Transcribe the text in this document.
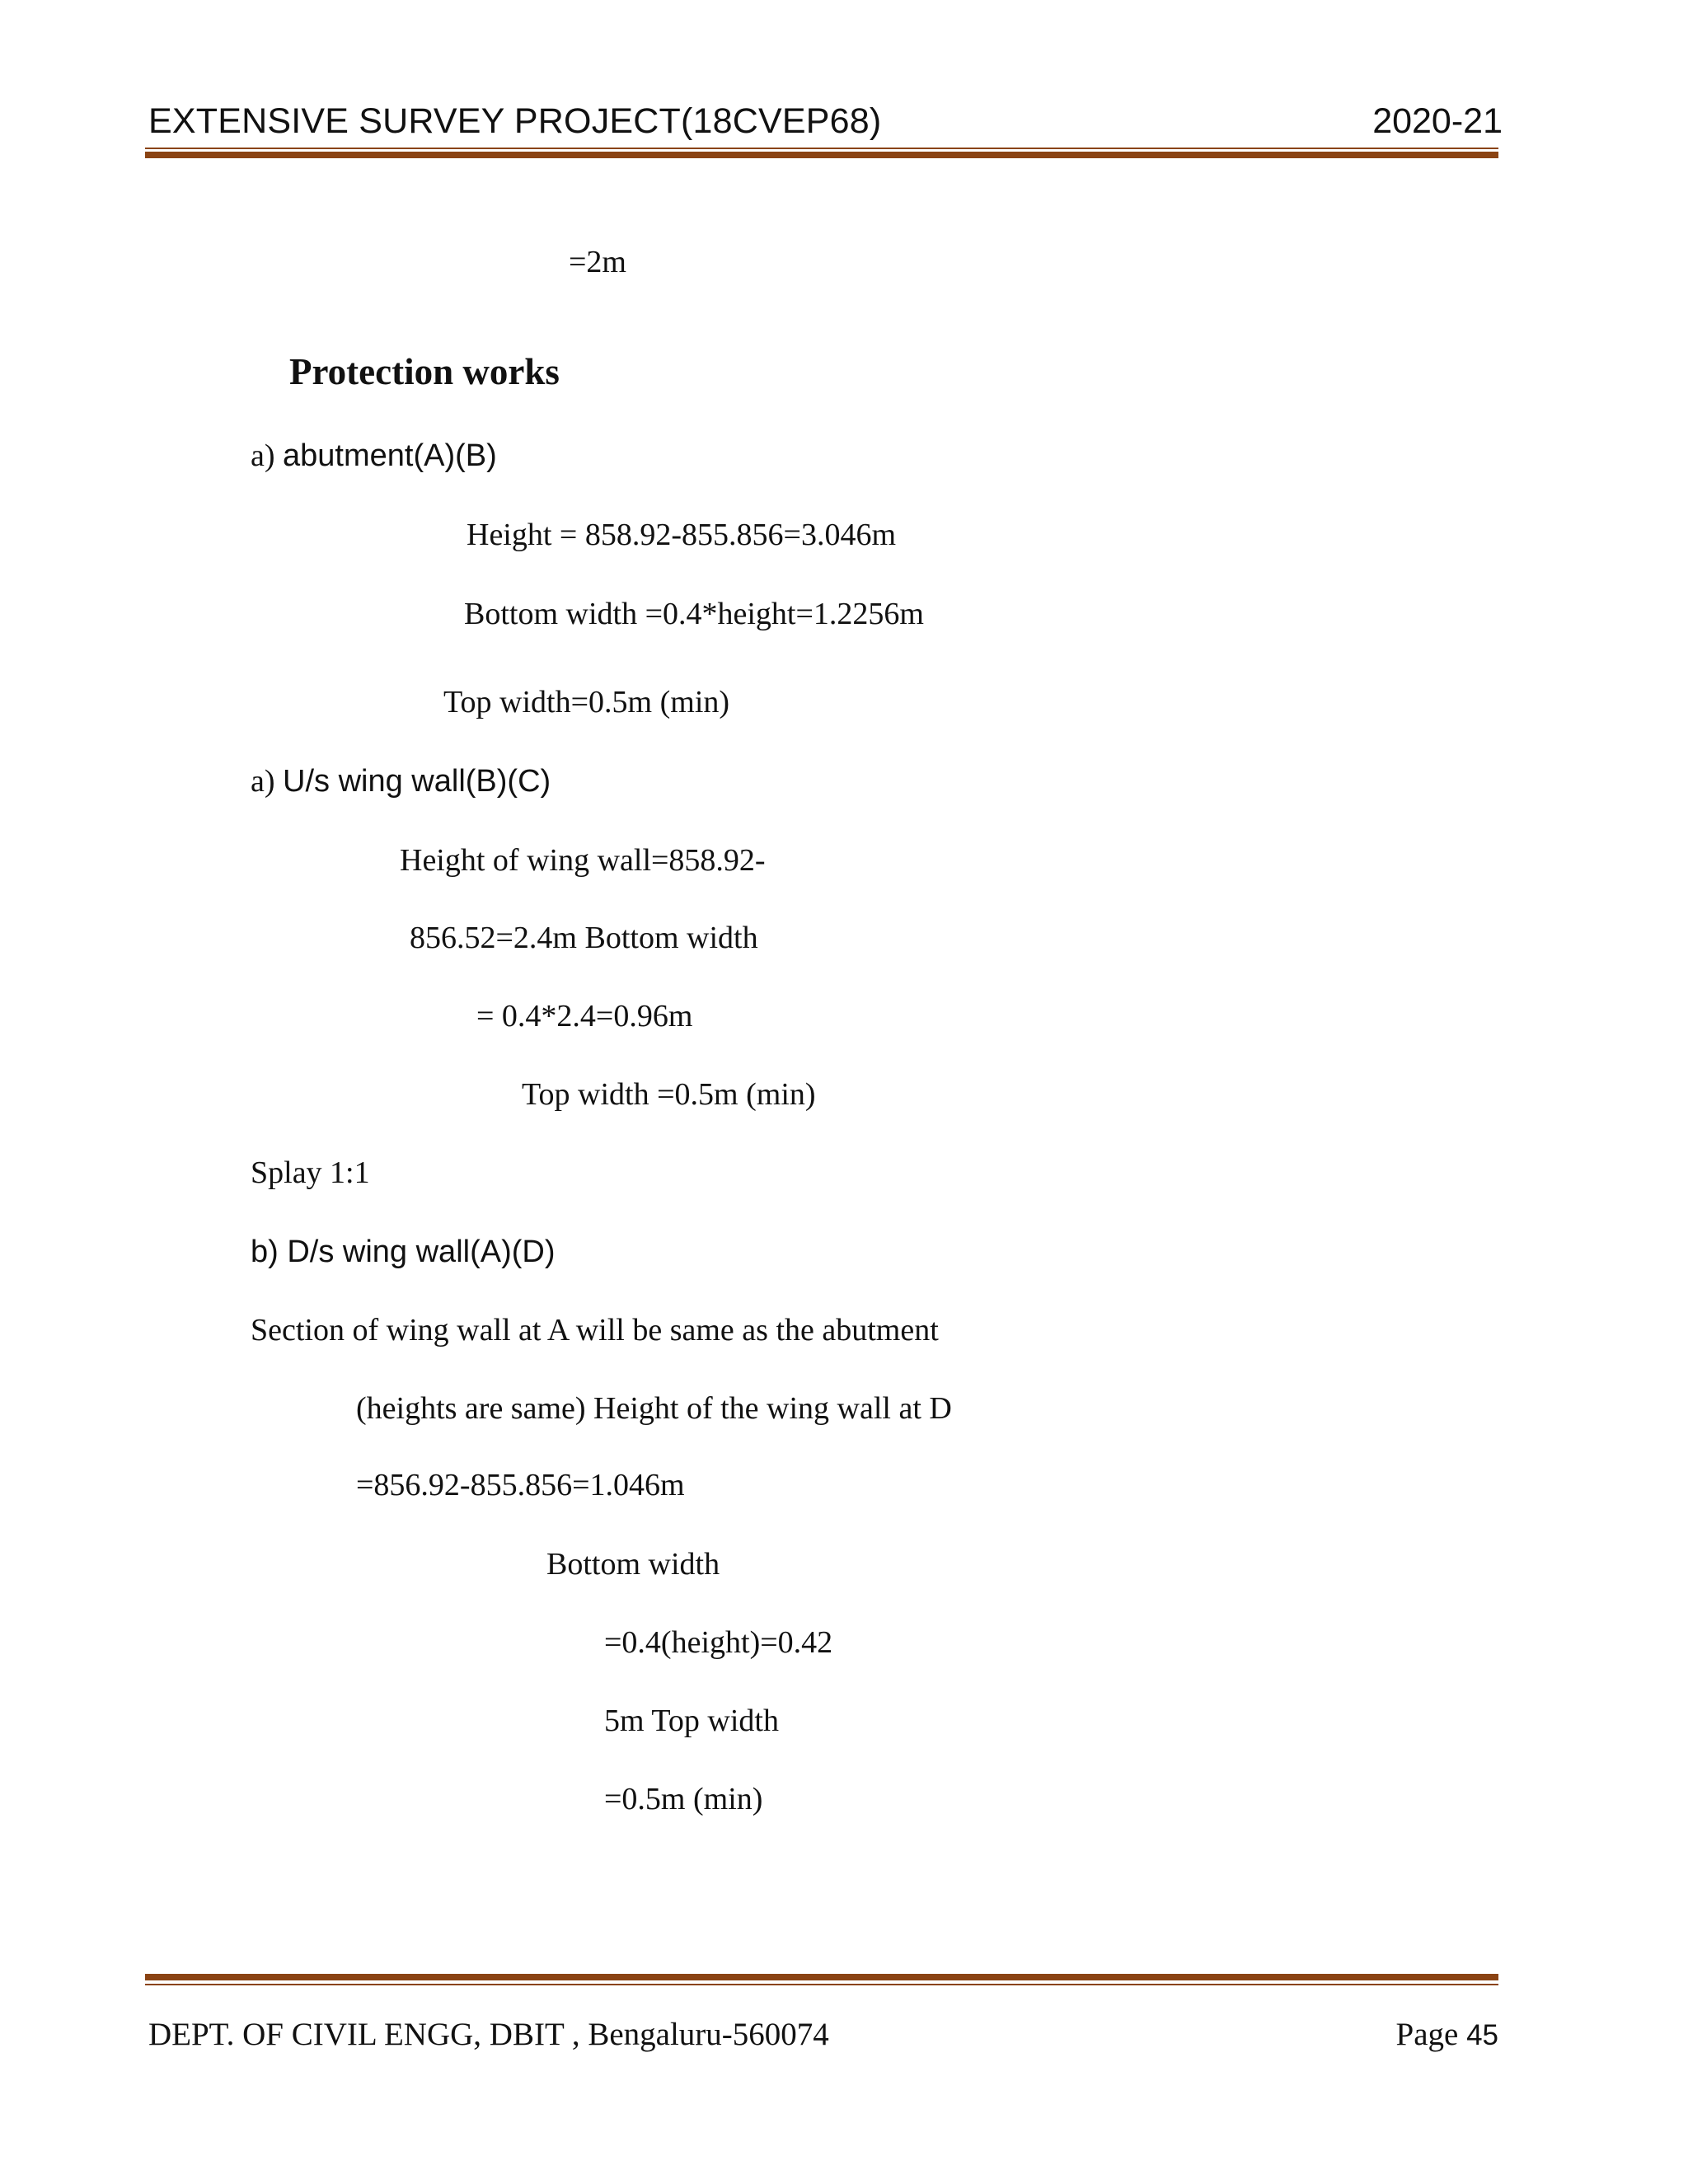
EXTENSIVE SURVEY PROJECT(18CVEP68)	2020-21
=2m
Protection works
a) abutment(A)(B)
Height = 858.92-855.856=3.046m
Bottom width =0.4*height=1.2256m
Top width=0.5m (min)
a) U/s wing wall(B)(C)
Height of wing wall=858.92-
856.52=2.4m Bottom width
= 0.4*2.4=0.96m
Top width =0.5m (min)
Splay 1:1
b) D/s wing wall(A)(D)
Section of wing wall at A will be same as the abutment
(heights are same) Height of the wing wall at D
=856.92-855.856=1.046m
Bottom width
=0.4(height)=0.42
5m Top width
=0.5m (min)
DEPT. OF CIVIL ENGG, DBIT , Bengaluru-560074	Page 45
